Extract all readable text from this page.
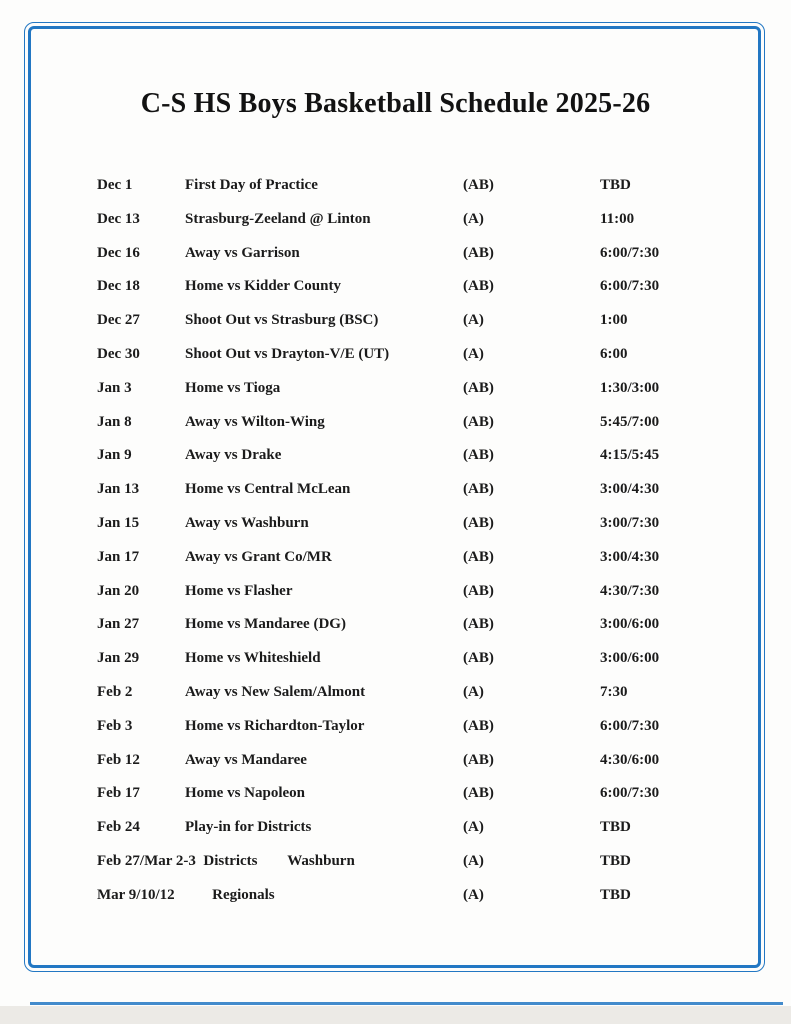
C-S HS Boys Basketball Schedule 2025-26
Dec 1	First Day of Practice	(AB)	TBD
Dec 13	Strasburg-Zeeland @ Linton	(A)	11:00
Dec 16	Away vs Garrison	(AB)	6:00/7:30
Dec 18	Home vs Kidder County	(AB)	6:00/7:30
Dec 27	Shoot Out vs Strasburg (BSC)	(A)	1:00
Dec 30	Shoot Out vs Drayton-V/E (UT)	(A)	6:00
Jan 3	Home vs Tioga	(AB)	1:30/3:00
Jan 8	Away vs Wilton-Wing	(AB)	5:45/7:00
Jan 9	Away vs Drake	(AB)	4:15/5:45
Jan 13	Home vs Central McLean	(AB)	3:00/4:30
Jan 15	Away vs Washburn	(AB)	3:00/7:30
Jan 17	Away vs Grant Co/MR	(AB)	3:00/4:30
Jan 20	Home vs Flasher	(AB)	4:30/7:30
Jan 27	Home vs Mandaree (DG)	(AB)	3:00/6:00
Jan 29	Home vs Whiteshield	(AB)	3:00/6:00
Feb 2	Away vs New Salem/Almont	(A)	7:30
Feb 3	Home vs Richardton-Taylor	(AB)	6:00/7:30
Feb 12	Away vs Mandaree	(AB)	4:30/6:00
Feb 17	Home vs Napoleon	(AB)	6:00/7:30
Feb 24	Play-in for Districts	(A)	TBD
Feb 27/Mar 2-3  Districts        Washburn	(A)	TBD
Mar 9/10/12          Regionals	(A)	TBD
